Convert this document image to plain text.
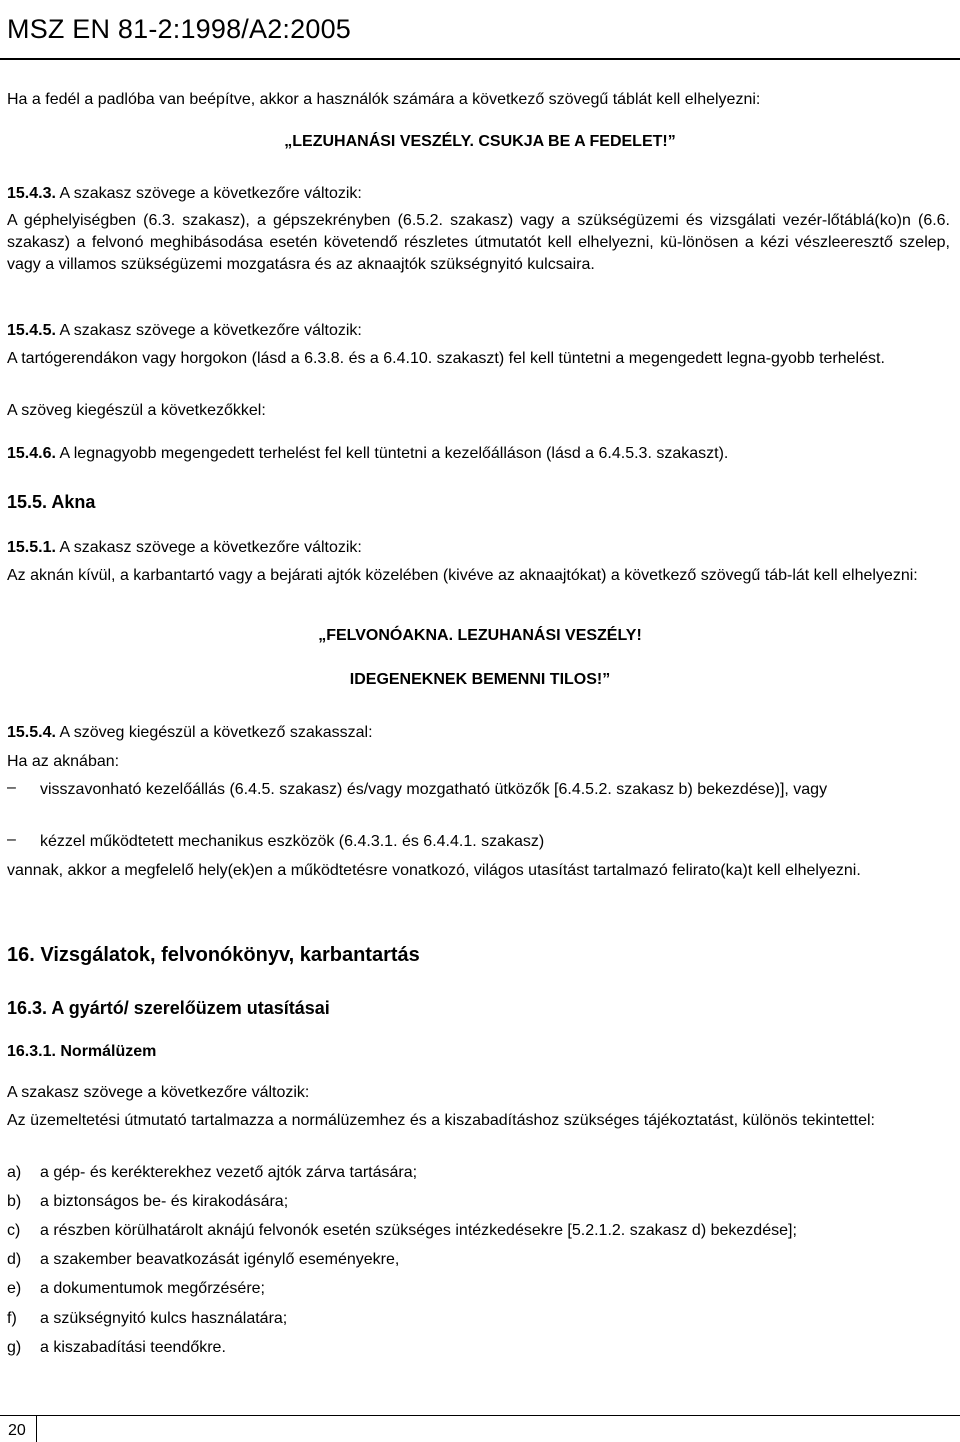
MSZ EN 81-2:1998/A2:2005
Ha a fedél a padlóba van beépítve, akkor a használók számára a következő szövegű táblát kell elhelyezni:
„LEZUHANÁSI VESZÉLY. CSUKJA BE A FEDELET!”
15.4.3. A szakasz szövege a következőre változik:
A géphelyiségben (6.3. szakasz), a gépszekrényben (6.5.2. szakasz) vagy a szükségüzemi és vizsgálati vezér-lőtáblá(ko)n (6.6. szakasz) a felvonó meghibásodása esetén követendő részletes útmutatót kell elhelyezni, kü-lönösen a kézi vészleeresztő szelep, vagy a villamos szükségüzemi mozgatásra és az aknaajtók szükségnyitó kulcsaira.
15.4.5. A szakasz szövege a következőre változik:
A tartógerendákon vagy horgokon (lásd a 6.3.8. és a 6.4.10. szakaszt) fel kell tüntetni a megengedett legna-gyobb terhelést.
A szöveg kiegészül a következőkkel:
15.4.6. A legnagyobb megengedett terhelést fel kell tüntetni a kezelőálláson (lásd a 6.4.5.3. szakaszt).
15.5. Akna
15.5.1. A szakasz szövege a következőre változik:
Az aknán kívül, a karbantartó vagy a bejárati ajtók közelében (kivéve az aknaajtókat) a következő szövegű táb-lát kell elhelyezni:
„FELVONÓAKNA. LEZUHANÁSI VESZÉLY!
IDEGENEKNEK BEMENNI TILOS!”
15.5.4. A szöveg kiegészül a következő szakasszal:
Ha az aknában:
– visszavonható kezelőállás (6.4.5. szakasz) és/vagy mozgatható ütközők [6.4.5.2. szakasz b) bekezdése)], vagy
– kézzel működtetett mechanikus eszközök (6.4.3.1. és 6.4.4.1. szakasz)
vannak, akkor a megfelelő hely(ek)en a működtetésre vonatkozó, világos utasítást tartalmazó felirato(ka)t kell elhelyezni.
16. Vizsgálatok, felvonókönyv, karbantartás
16.3. A gyártó/ szerelőüzem utasításai
16.3.1. Normálüzem
A szakasz szövege a következőre változik:
Az üzemeltetési útmutató tartalmazza a normálüzemhez és a kiszabadításhoz szükséges tájékoztatást, különös tekintettel:
a) a gép- és kerékterekhez vezető ajtók zárva tartására;
b) a biztonságos be- és kirakodására;
c) a részben körülhatárolt aknájú felvonók esetén szükséges intézkedésekre [5.2.1.2. szakasz d) bekezdése];
d) a szakember beavatkozását igénylő eseményekre,
e) a dokumentumok megőrzésére;
f) a szükségnyitó kulcs használatára;
g) a kiszabadítási teendőkre.
20
